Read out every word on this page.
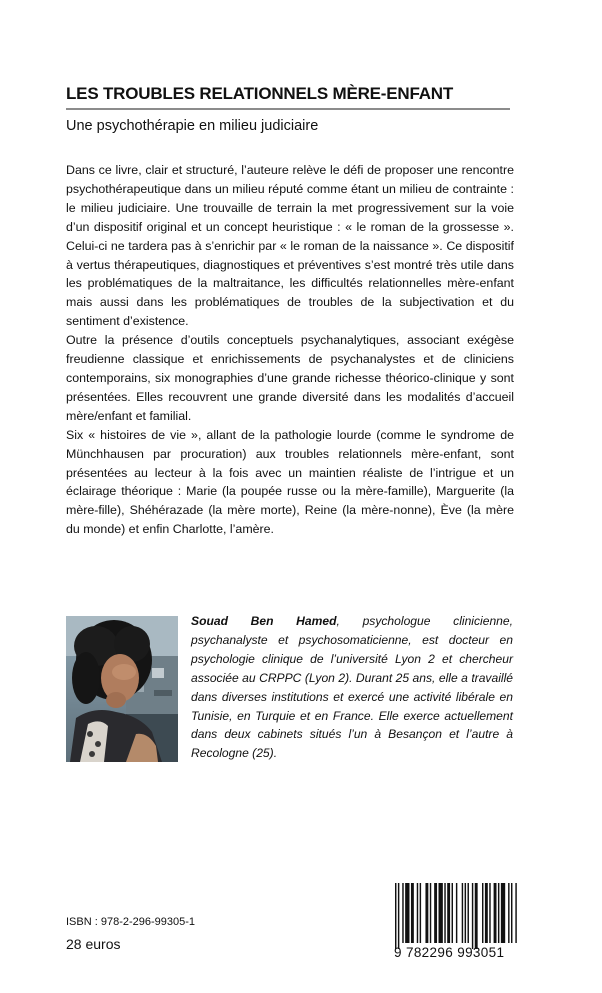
LES TROUBLES RELATIONNELS MÈRE-ENFANT
Une psychothérapie en milieu judiciaire

Dans ce livre, clair et structuré, l’auteure relève le défi de proposer une rencontre psychothérapeutique dans un milieu réputé comme étant un milieu de contrainte : le milieu judiciaire. Une trouvaille de terrain la met progressivement sur la voie d’un dispositif original et un concept heuristique : « le roman de la grossesse ». Celui-ci ne tardera pas à s’enrichir par « le roman de la naissance ». Ce dispositif à vertus thérapeutiques, diagnostiques et préventives s’est montré très utile dans les problématiques de la maltraitance, les difficultés relationnelles mère-enfant mais aussi dans les problématiques de troubles de la subjectivation et du sentiment d’existence.

Outre la présence d’outils conceptuels psychanalytiques, associant exégèse freudienne classique et enrichissements de psychanalystes et de cliniciens contemporains, six monographies d’une grande richesse théorico-clinique y sont présentées. Elles recouvrent une grande diversité dans les modalités d’accueil mère/enfant et familial.

Six « histoires de vie », allant de la pathologie lourde (comme le syndrome de Münchhausen par procuration) aux troubles relationnels mère-enfant, sont présentées au lecteur à la fois avec un maintien réaliste de l’intrigue et un éclairage théorique : Marie (la poupée russe ou la mère-famille), Marguerite (la mère-fille), Shéhérazade (la mère morte), Reine (la mère-nonne), Ève (la mère du monde) et enfin Charlotte, l’amère.

Souad Ben Hamed, psychologue clinicienne, psychanalyste et psychosomaticienne, est docteur en psychologie clinique de l’université Lyon 2 et chercheur associée au CRPPC (Lyon 2). Durant 25 ans, elle a travaillé dans diverses institutions et exercé une activité libérale en Tunisie, en Turquie et en France. Elle exerce actuellement dans deux cabinets situés l’un à Besançon et l’autre à Recologne (25).
ISBN : 978-2-296-99305-1
28 euros
9 782296 993051
